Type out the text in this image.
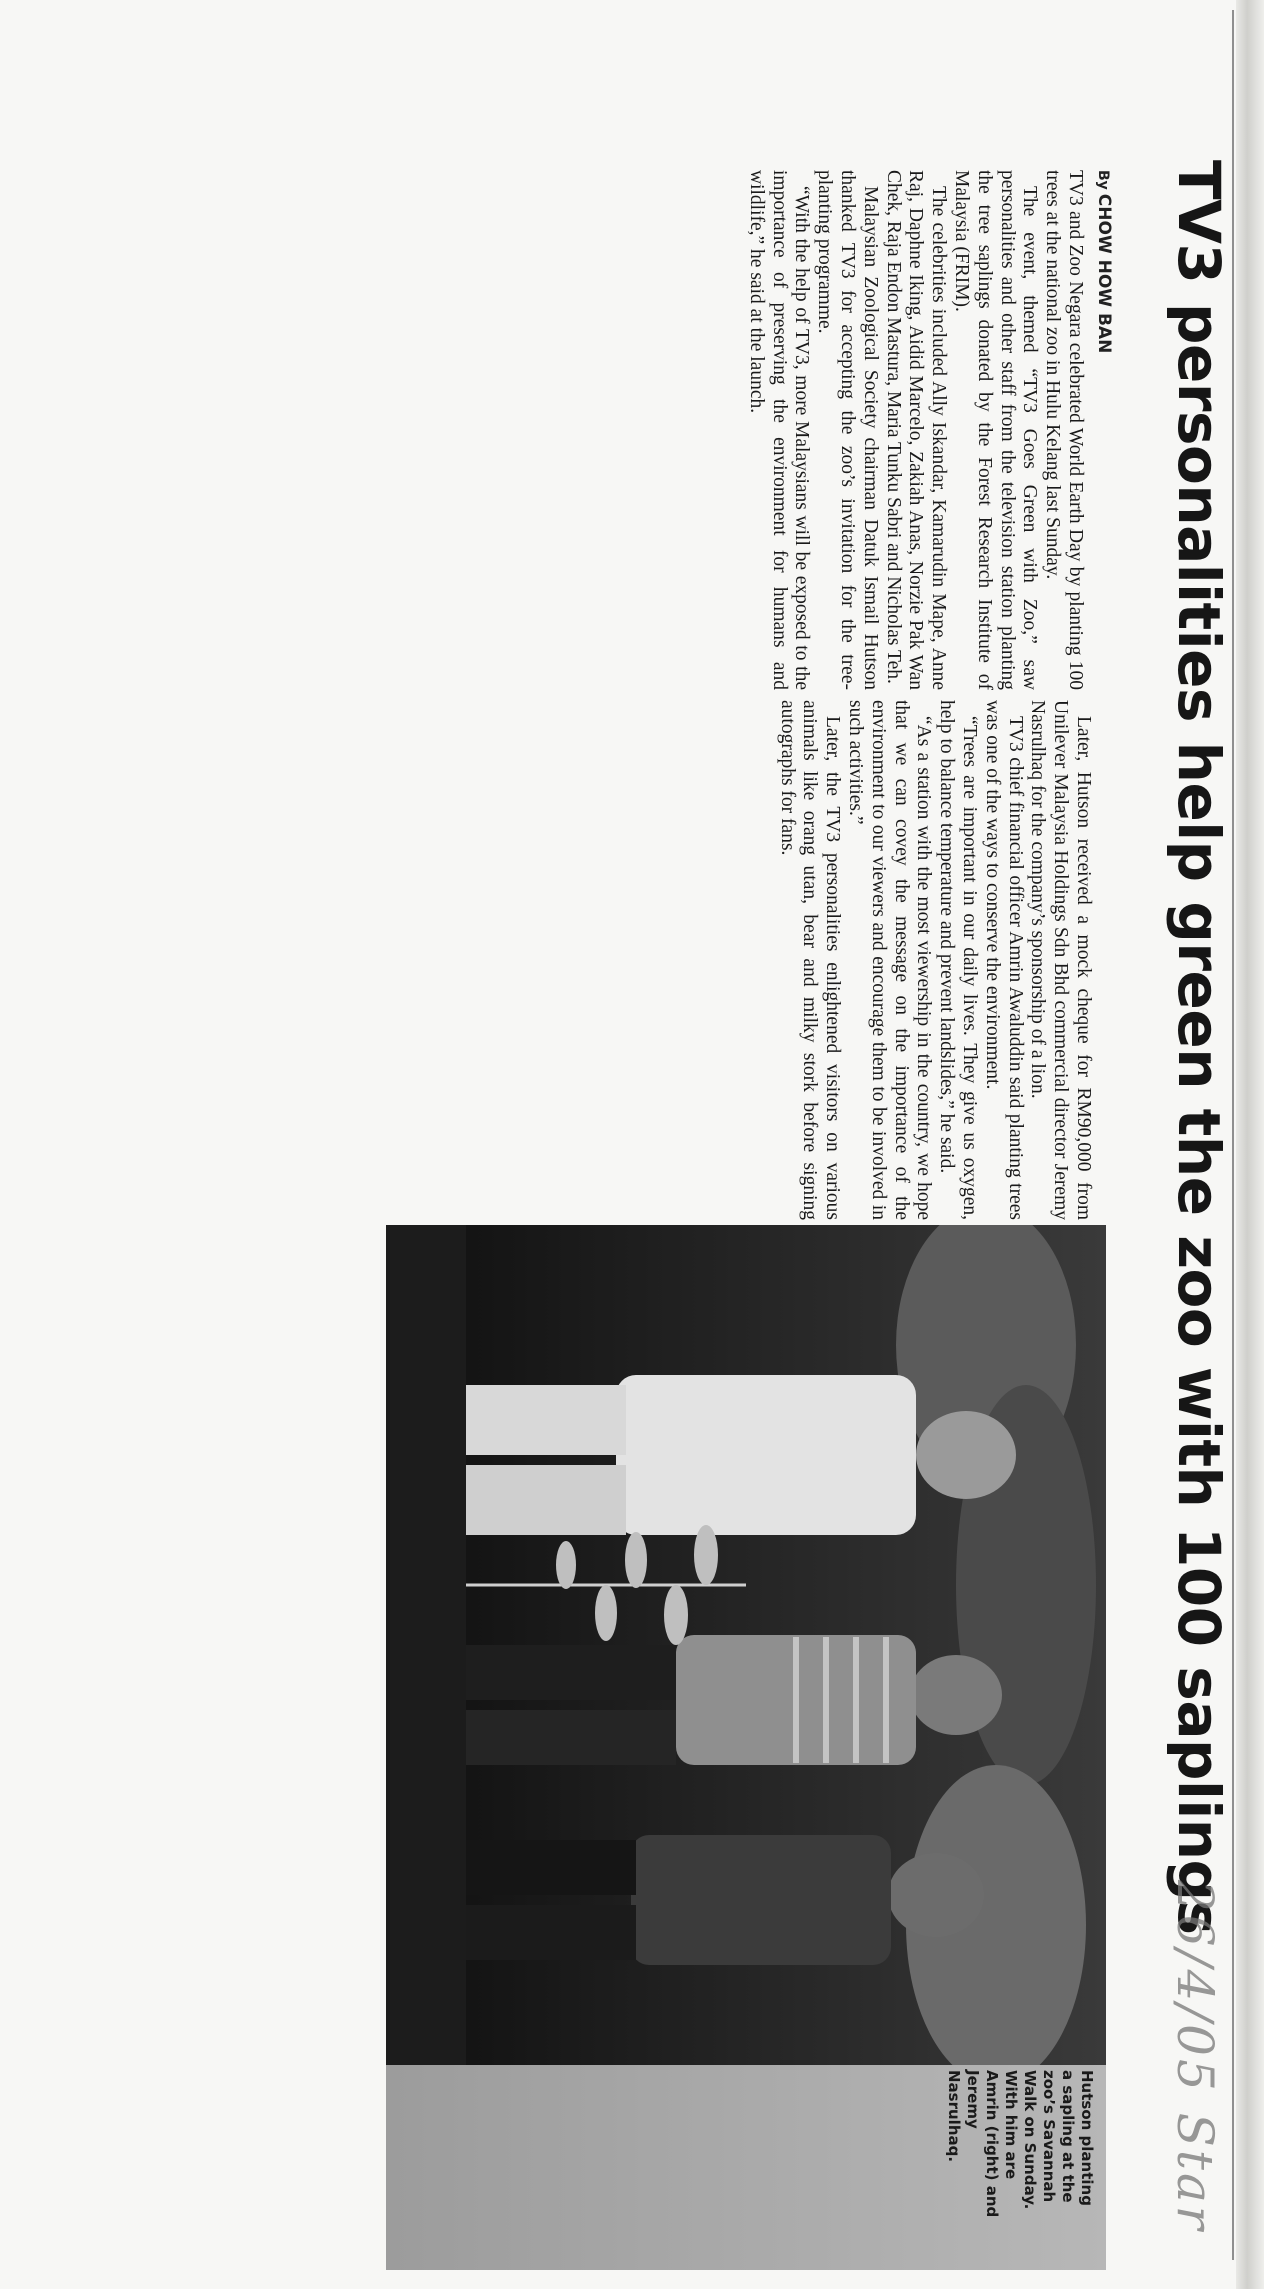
TV3 personalities help green the zoo with 100 saplings
26/4/05 Star
ByCHOW HOW BAN

TV3 and Zoo Negara celebrated World Earth Day by planting 100 trees at the national zoo in Hulu Kelang last Sunday.

The event, themed “TV3 Goes Green with Zoo,” saw personalities and other staff from the television station planting the tree saplings donated by the Forest Research Institute of Malaysia (FRIM).

The celebrities included Ally Iskandar, Kamarudin Mape, Anne Raj, Daphne Iking, Aidid Marcelo, Zakiah Anas, Norzie Pak Wan Chek, Raja Endon Mastura, Maria Tunku Sabri and Nicholas Teh.

Malaysian Zoological Society chairman Datuk Ismail Hutson thanked TV3 for accepting the zoo’s invitation for the tree-planting programme.

“With the help of TV3, more Malaysians will be exposed to the importance of preserving the environment for humans and wildlife,” he said at the launch.

Later, Hutson received a mock cheque for RM90,000 from Unilever Malaysia Holdings Sdn Bhd commercial director Jeremy Nasrulhaq for the company’s sponsorship of a lion.

TV3 chief financial officer Amrin Awaluddin said planting trees was one of the ways to conserve the environment.

“Trees are important in our daily lives. They give us oxygen, help to balance temperature and prevent landslides,” he said.

“As a station with the most viewership in the country, we hope that we can covey the message on the importance of the environment to our viewers and encourage them to be involved in such activities.”

Later, the TV3 personalities enlightened visitors on various animals like orang utan, bear and milky stork before signing autographs for fans.

Hutson planting a sapling at the zoo’s Savannah Walk on Sunday. With him are Amrin (right) and Jeremy Nasrulhaq.
